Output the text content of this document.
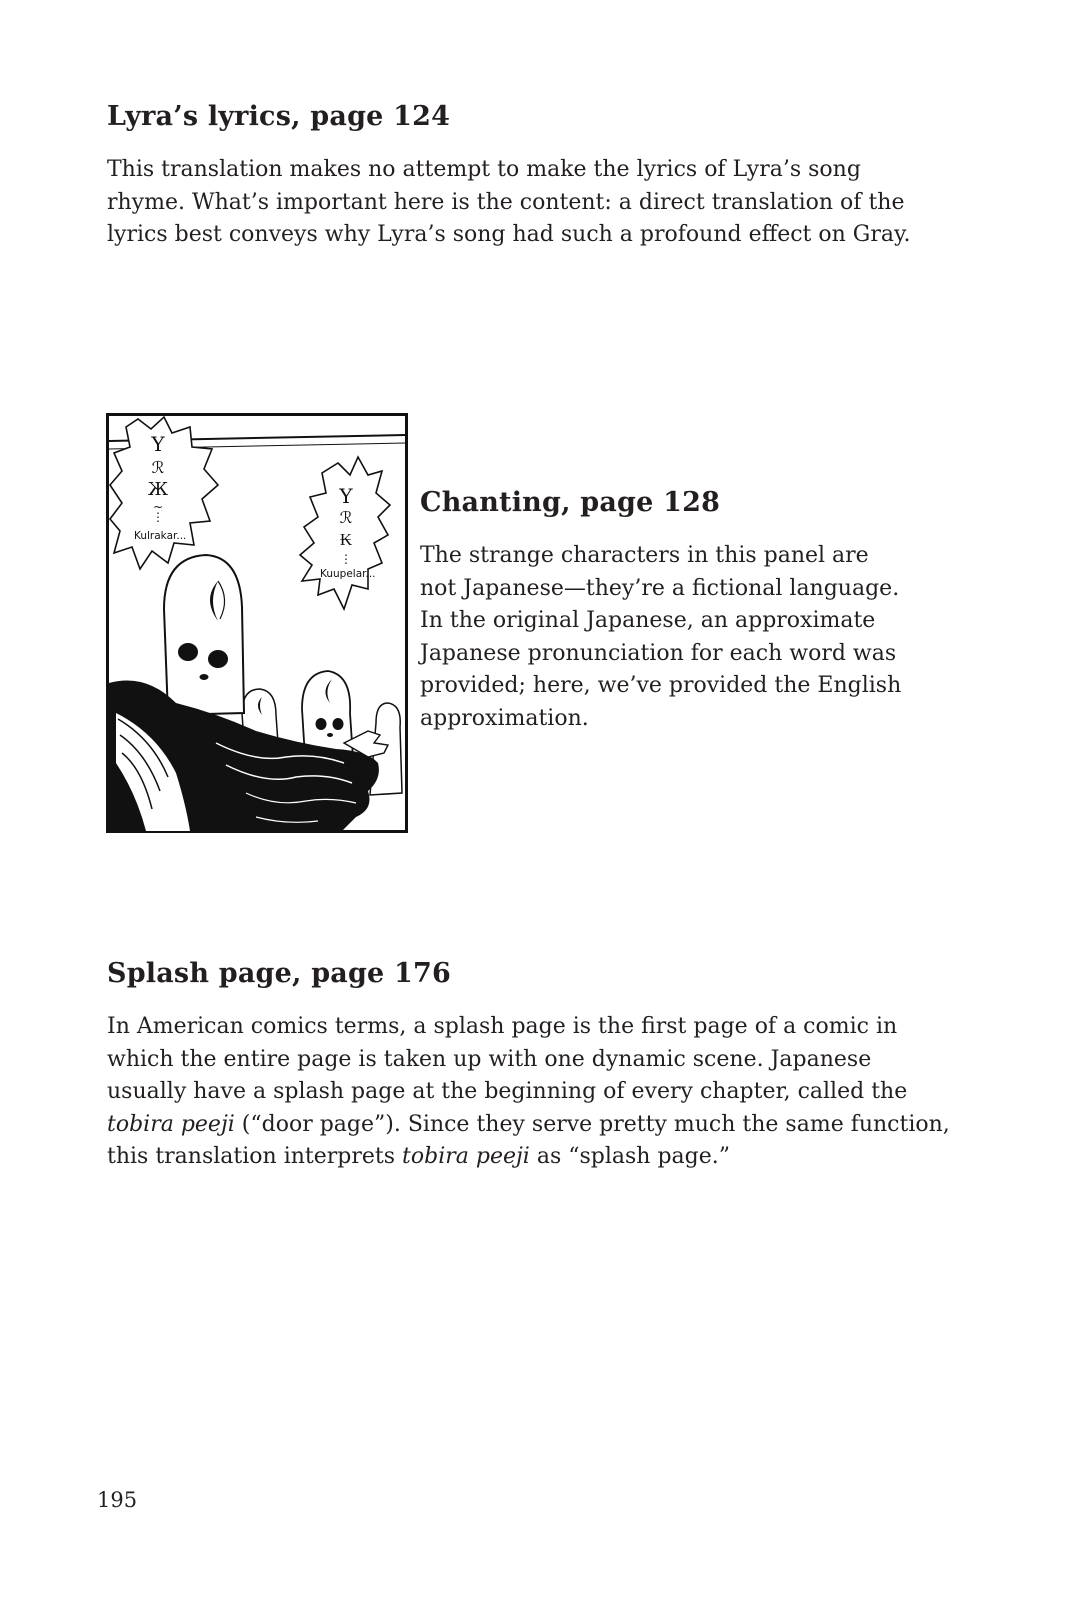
Lyra’s lyrics, page 124

This translation makes no attempt to make the lyrics of Lyra’s song
rhyme. What’s important here is the content: a direct translation of the
lyrics best conveys why Lyra’s song had such a profound effect on Gray.

Y
ℛ
Ж
~
⋮
Kulrakar...
Y
ℛ
₭
⋮
Kuupelar...
Chanting, page 128

The strange characters in this panel are
not Japanese—they’re a fictional language.
In the original Japanese, an approximate
Japanese pronunciation for each word was
provided; here, we’ve provided the English
approximation.

Splash page, page 176

In American comics terms, a splash page is the first page of a comic in
which the entire page is taken up with one dynamic scene. Japanese
usually have a splash page at the beginning of every chapter, called the
tobira peeji (“door page”). Since they serve pretty much the same function,
this translation interprets tobira peeji as “splash page.”

195
